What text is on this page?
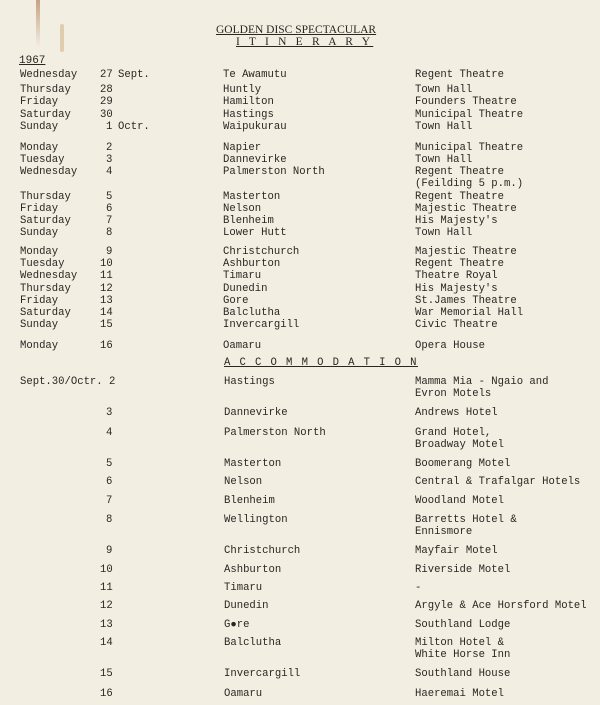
GOLDEN DISC SPECTACULAR
I T I N E R A R Y
1967
Wednesday 27 Sept.	Te Awamutu	Regent Theatre
Thursday	28	Huntly	Town Hall
Friday	29	Hamilton	Founders Theatre
Saturday	30	Hastings	Municipal Theatre
Sunday	1 Octr.	Waipukurau	Town Hall
Monday	2	Napier	Municipal Theatre
Tuesday	3	Dannevirke	Town Hall
Wednesday	4	Palmerston North	Regent Theatre
(Feilding 5 p.m.)
Thursday	5	Masterton	Regent Theatre
Friday	6	Nelson	Majestic Theatre
Saturday	7	Blenheim	His Majesty's
Sunday	8	Lower Hutt	Town Hall
Monday	9	Christchurch	Majestic Theatre
Tuesday	10	Ashburton	Regent Theatre
Wednesday 11	Timaru	Theatre Royal
Thursday	12	Dunedin	His Majesty's
Friday	13	Gore	St.James Theatre
Saturday	14	Balclutha	War Memorial Hall
Sunday	15	Invercargill	Civic Theatre
Monday	16	Oamaru	Opera House
A C C O M M O D A T I O N
Sept.30/Octr. 2	Hastings	Mamma Mia - Ngaio and
Evron Motels
3	Dannevirke	Andrews Hotel
4	Palmerston North	Grand Hotel,
Broadway Motel
5	Masterton	Boomerang Motel
6	Nelson	Central & Trafalgar Hotels
7	Blenheim	Woodland Motel
8	Wellington	Barretts Hotel &
Ennismore
9	Christchurch	Mayfair Motel
10	Ashburton	Riverside Motel
11	Timaru	-
12	Dunedin	Argyle & Ace Horsford Motel
13	G●re	Southland Lodge
14	Balclutha	Milton Hotel &
White Horse Inn
15	Invercargill	Southland House
16	Oamaru	Haeremai Motel
